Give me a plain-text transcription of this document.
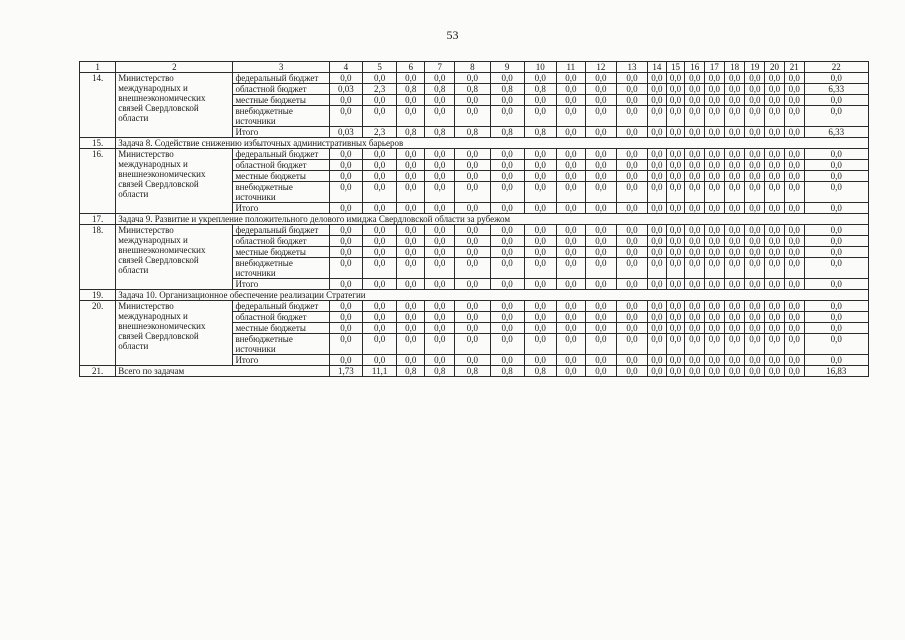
53
1	2	3	4	5	6	7	8	9	10	11	12	13	14	15	16	17	18	19	20	21	22
14.	Министерство международных и внешнеэкономических связей Свердловской области	федеральный бюджет	0,0	0,0	0,0	0,0	0,0	0,0	0,0	0,0	0,0	0,0	0,0	0,0	0,0	0,0	0,0	0,0	0,0	0,0	0,0
		областной бюджет	0,03	2,3	0,8	0,8	0,8	0,8	0,8	0,0	0,0	0,0	0,0	0,0	0,0	0,0	0,0	0,0	0,0	0,0	6,33
		местные бюджеты	0,0	0,0	0,0	0,0	0,0	0,0	0,0	0,0	0,0	0,0	0,0	0,0	0,0	0,0	0,0	0,0	0,0	0,0	0,0
		внебюджетные источники	0,0	0,0	0,0	0,0	0,0	0,0	0,0	0,0	0,0	0,0	0,0	0,0	0,0	0,0	0,0	0,0	0,0	0,0	0,0
		Итого	0,03	2,3	0,8	0,8	0,8	0,8	0,8	0,0	0,0	0,0	0,0	0,0	0,0	0,0	0,0	0,0	0,0	0,0	6,33
15.	Задача 8. Содействие снижению избыточных административных барьеров																				
16.	Министерство международных и внешнеэкономических связей Свердловской области	федеральный бюджет	0,0	0,0	0,0	0,0	0,0	0,0	0,0	0,0	0,0	0,0	0,0	0,0	0,0	0,0	0,0	0,0	0,0	0,0	0,0
		областной бюджет	0,0	0,0	0,0	0,0	0,0	0,0	0,0	0,0	0,0	0,0	0,0	0,0	0,0	0,0	0,0	0,0	0,0	0,0	0,0
		местные бюджеты	0,0	0,0	0,0	0,0	0,0	0,0	0,0	0,0	0,0	0,0	0,0	0,0	0,0	0,0	0,0	0,0	0,0	0,0	0,0
		внебюджетные источники	0,0	0,0	0,0	0,0	0,0	0,0	0,0	0,0	0,0	0,0	0,0	0,0	0,0	0,0	0,0	0,0	0,0	0,0	0,0
		Итого	0,0	0,0	0,0	0,0	0,0	0,0	0,0	0,0	0,0	0,0	0,0	0,0	0,0	0,0	0,0	0,0	0,0	0,0	0,0
17.	Задача 9. Развитие и укрепление положительного делового имиджа Свердловской области за рубежом																				
18.	Министерство международных и внешнеэкономических связей Свердловской области	федеральный бюджет	0,0	0,0	0,0	0,0	0,0	0,0	0,0	0,0	0,0	0,0	0,0	0,0	0,0	0,0	0,0	0,0	0,0	0,0	0,0
		областной бюджет	0,0	0,0	0,0	0,0	0,0	0,0	0,0	0,0	0,0	0,0	0,0	0,0	0,0	0,0	0,0	0,0	0,0	0,0	0,0
		местные бюджеты	0,0	0,0	0,0	0,0	0,0	0,0	0,0	0,0	0,0	0,0	0,0	0,0	0,0	0,0	0,0	0,0	0,0	0,0	0,0
		внебюджетные источники	0,0	0,0	0,0	0,0	0,0	0,0	0,0	0,0	0,0	0,0	0,0	0,0	0,0	0,0	0,0	0,0	0,0	0,0	0,0
		Итого	0,0	0,0	0,0	0,0	0,0	0,0	0,0	0,0	0,0	0,0	0,0	0,0	0,0	0,0	0,0	0,0	0,0	0,0	0,0
19.	Задача 10. Организационное обеспечение реализации Стратегии																				
20.	Министерство международных и внешнеэкономических связей Свердловской области	федеральный бюджет	0,0	0,0	0,0	0,0	0,0	0,0	0,0	0,0	0,0	0,0	0,0	0,0	0,0	0,0	0,0	0,0	0,0	0,0	0,0
		областной бюджет	0,0	0,0	0,0	0,0	0,0	0,0	0,0	0,0	0,0	0,0	0,0	0,0	0,0	0,0	0,0	0,0	0,0	0,0	0,0
		местные бюджеты	0,0	0,0	0,0	0,0	0,0	0,0	0,0	0,0	0,0	0,0	0,0	0,0	0,0	0,0	0,0	0,0	0,0	0,0	0,0
		внебюджетные источники	0,0	0,0	0,0	0,0	0,0	0,0	0,0	0,0	0,0	0,0	0,0	0,0	0,0	0,0	0,0	0,0	0,0	0,0	0,0
		Итого	0,0	0,0	0,0	0,0	0,0	0,0	0,0	0,0	0,0	0,0	0,0	0,0	0,0	0,0	0,0	0,0	0,0	0,0	0,0
21.	Всего по задачам		1,73	11,1	0,8	0,8	0,8	0,8	0,8	0,0	0,0	0,0	0,0	0,0	0,0	0,0	0,0	0,0	0,0	0,0	16,83
